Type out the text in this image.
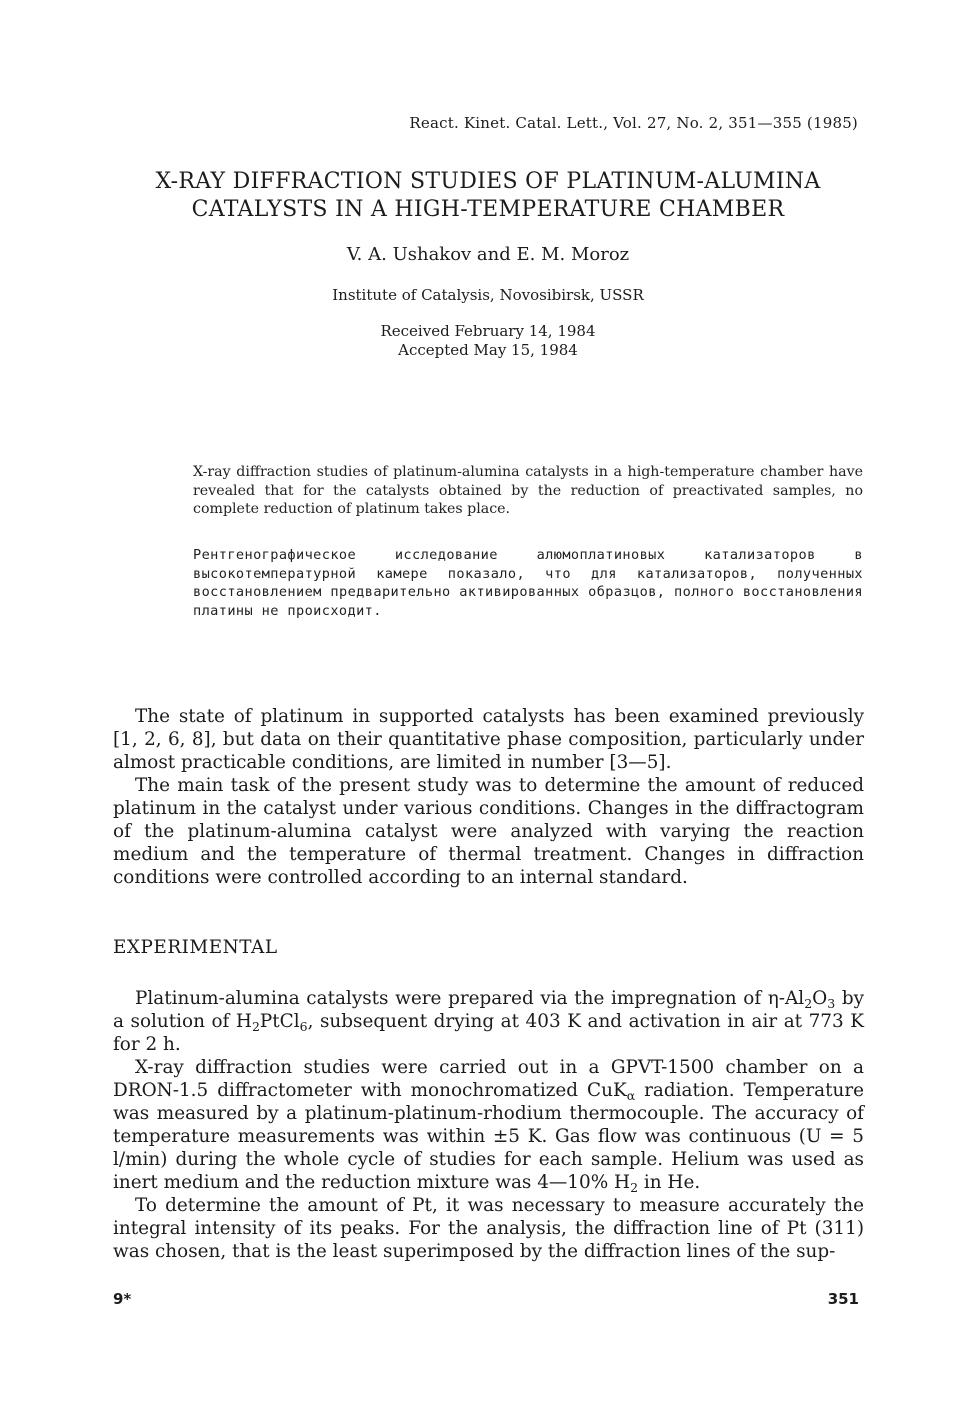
React. Kinet. Catal. Lett., Vol. 27, No. 2, 351—355 (1985)
X-RAY DIFFRACTION STUDIES OF PLATINUM-ALUMINA
CATALYSTS IN A HIGH-TEMPERATURE CHAMBER
V. A. Ushakov and E. M. Moroz
Institute of Catalysis, Novosibirsk, USSR
Received February 14, 1984
Accepted May 15, 1984
X-ray diffraction studies of platinum-alumina catalysts in a high-temperature chamber have revealed that for the catalysts obtained by the reduction of preactivated samples, no complete reduction of platinum takes place.
Рентгенографическое исследование алюмоплатиновых катализаторов в высокотемпературной камере показало, что для катализаторов, полученных восстановлением предварительно активированных образцов, полного восстановления платины не происходит.

The state of platinum in supported catalysts has been examined previously [1, 2, 6, 8], but data on their quantitative phase composition, particularly under almost practicable conditions, are limited in number [3—5].

The main task of the present study was to determine the amount of reduced platinum in the catalyst under various conditions. Changes in the diffractogram of the platinum-alumina catalyst were analyzed with varying the reaction medium and the temperature of thermal treatment. Changes in diffraction conditions were controlled according to an internal standard.

EXPERIMENTAL

Platinum-alumina catalysts were prepared via the impregnation of $\eta-Al_2O_3$ by a solution of $H_2PtCl_6$, subsequent drying at 403 K and activation in air at 773 K for 2 h.

X-ray diffraction studies were carried out in a GPVT-1500 chamber on a DRON-1.5 diffractometer with monochromatized CuK$_\alpha$ radiation. Temperature was measured by a platinum-platinum-rhodium thermocouple. The accuracy of temperature measurements was within ±5 K. Gas flow was continuous (U = 5 l/min) during the whole cycle of studies for each sample. Helium was used as inert medium and the reduction mixture was 4—10% $H_2$ in He.

To determine the amount of Pt, it was necessary to measure accurately the integral intensity of its peaks. For the analysis, the diffraction line of Pt (311) was chosen, that is the least superimposed by the diffraction lines of the sup-

9*	351
